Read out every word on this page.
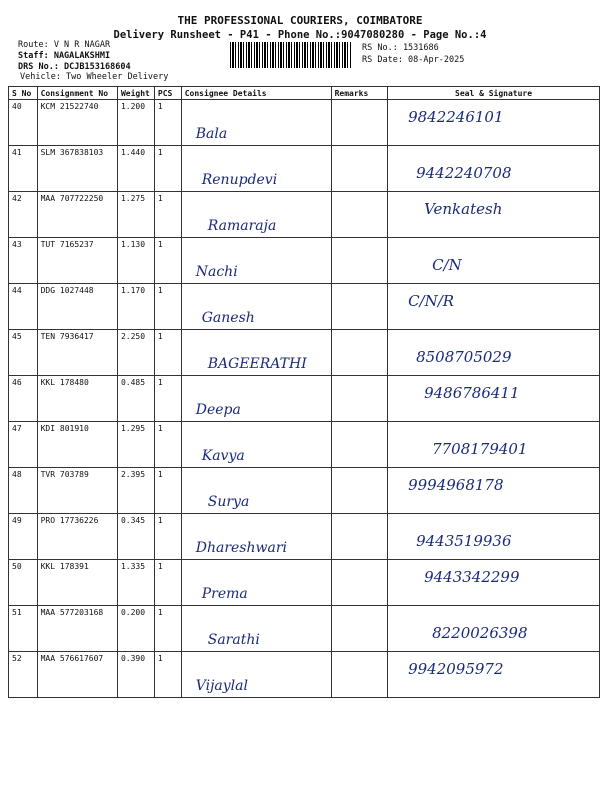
THE PROFESSIONAL COURIERS, COIMBATORE
Delivery Runsheet - P41 - Phone No.:9047080280 - Page No.:4
Route: V N R NAGAR
Staff: NAGALAKSHMI
DRS No.: DCJB153168604
Vehicle: Two Wheeler Delivery
RS No.: 1531686
RS Date: 08-Apr-2025
S No	Consignment No	Weight	PCS	Consignee Details	Remarks	Seal & Signature

40	KCM 21522740	1.200	1	Bala		9842246101

41	SLM 367838103	1.440	1	Renupdevi		9442240708

42	MAA 707722250	1.275	1	Ramaraja		Venkatesh

43	TUT 7165237	1.130	1	Nachi		C/N

44	DDG 1027448	1.170	1	Ganesh		C/N/R

45	TEN 7936417	2.250	1	BAGEERATHI		8508705029

46	KKL 178480	0.485	1	Deepa		9486786411

47	KDI 801910	1.295	1	Kavya		7708179401

48	TVR 703789	2.395	1	Surya		9994968178

49	PRO 17736226	0.345	1	Dhareshwari		9443519936

50	KKL 178391	1.335	1	Prema		9443342299

51	MAA 577203168	0.200	1	Sarathi		8220026398

52	MAA 576617607	0.390	1	Vijaylal		9942095972
